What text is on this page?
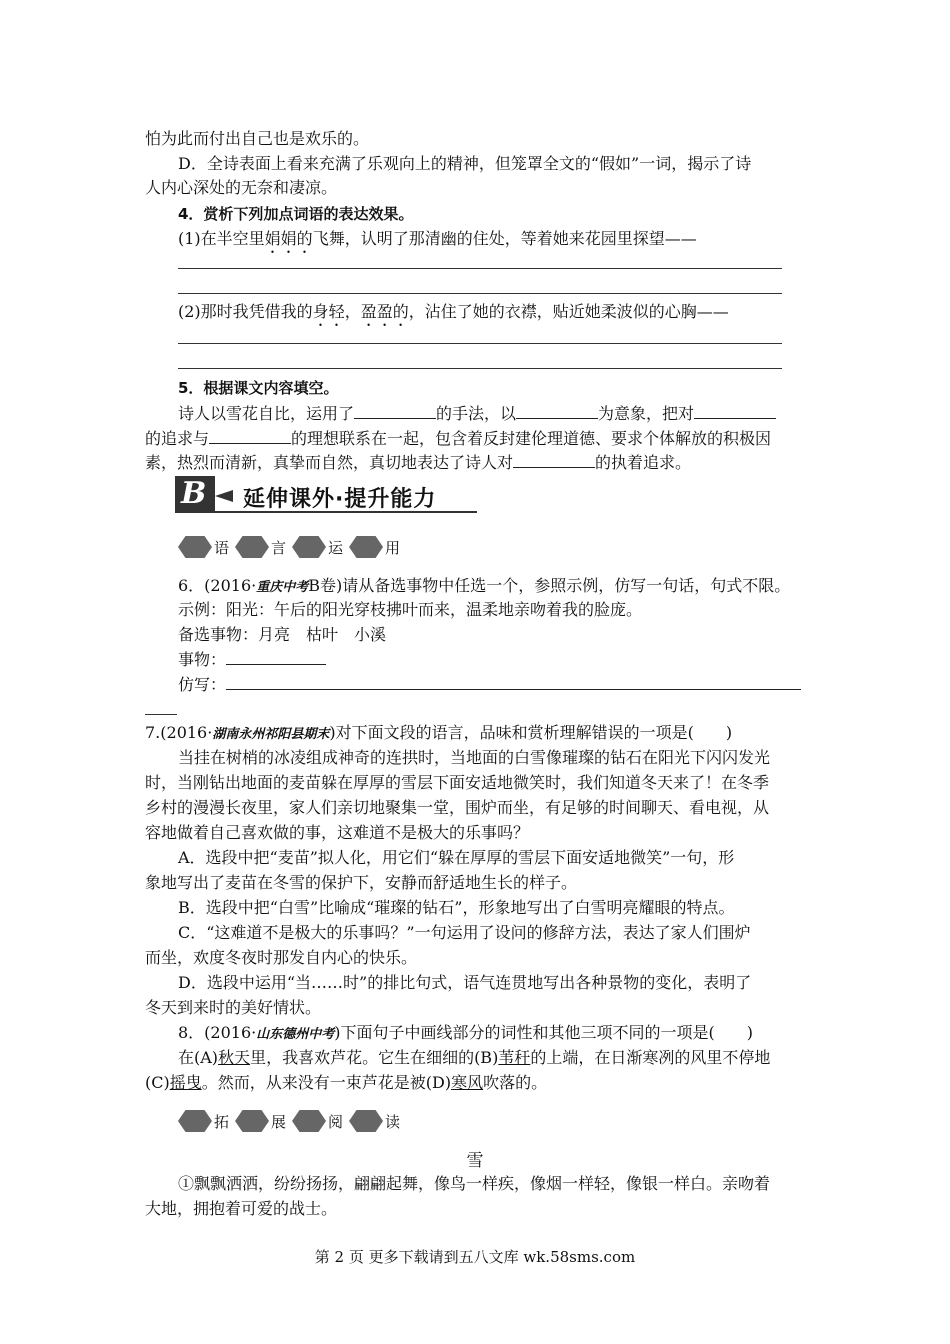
怕为此而付出自己也是欢乐的。
D．全诗表面上看来充满了乐观向上的精神，但笼罩全文的“假如”一词，揭示了诗
人内心深处的无奈和凄凉。
4．赏析下列加点词语的表达效果。
(1)在半空里娟娟的飞舞，认明了那清幽的住处，等着她来花园里探望——
(2)那时我凭借我的身轻，盈盈的，沾住了她的衣襟，贴近她柔波似的心胸——
5．根据课文内容填空。
诗人以雪花自比，运用了	的手法，以	为意象，把对
的追求与	的理想联系在一起，包含着反封建伦理道德、要求个体解放的积极因
素，热烈而清新，真挚而自然，真切地表达了诗人对	的执着追求。
B 延伸课外·提升能力
语	言	运	用
6．(2016·重庆中考B卷)请从备选事物中任选一个，参照示例，仿写一句话，句式不限。
示例：阳光：午后的阳光穿枝拂叶而来，温柔地亲吻着我的脸庞。
备选事物：月亮　枯叶　小溪
事物：
仿写：
7.(2016·湖南永州祁阳县期末)对下面文段的语言，品味和赏析理解错误的一项是(　　)
当挂在树梢的冰凌组成神奇的连拱时，当地面的白雪像璀璨的钻石在阳光下闪闪发光
时，当刚钻出地面的麦苗躲在厚厚的雪层下面安适地微笑时，我们知道冬天来了！在冬季
乡村的漫漫长夜里，家人们亲切地聚集一堂，围炉而坐，有足够的时间聊天、看电视，从
容地做着自己喜欢做的事，这难道不是极大的乐事吗？
A．选段中把“麦苗”拟人化，用它们“躲在厚厚的雪层下面安适地微笑”一句，形
象地写出了麦苗在冬雪的保护下，安静而舒适地生长的样子。
B．选段中把“白雪”比喻成“璀璨的钻石”，形象地写出了白雪明亮耀眼的特点。
C．“这难道不是极大的乐事吗？”一句运用了设问的修辞方法，表达了家人们围炉
而坐，欢度冬夜时那发自内心的快乐。
D．选段中运用“当……时”的排比句式，语气连贯地写出各种景物的变化，表明了
冬天到来时的美好情状。
8．(2016·山东德州中考)下面句子中画线部分的词性和其他三项不同的一项是(　　)
在(A)秋天里，我喜欢芦花。它生在细细的(B)苇秆的上端，在日渐寒冽的风里不停地
(C)摇曳。然而，从来没有一束芦花是被(D)寒风吹落的。
拓	展	阅	读
雪
①飘飘洒洒，纷纷扬扬，翩翩起舞，像鸟一样疾，像烟一样轻，像银一样白。亲吻着
大地，拥抱着可爱的战士。
第 2 页 更多下载请到五八文库 wk.58sms.com
